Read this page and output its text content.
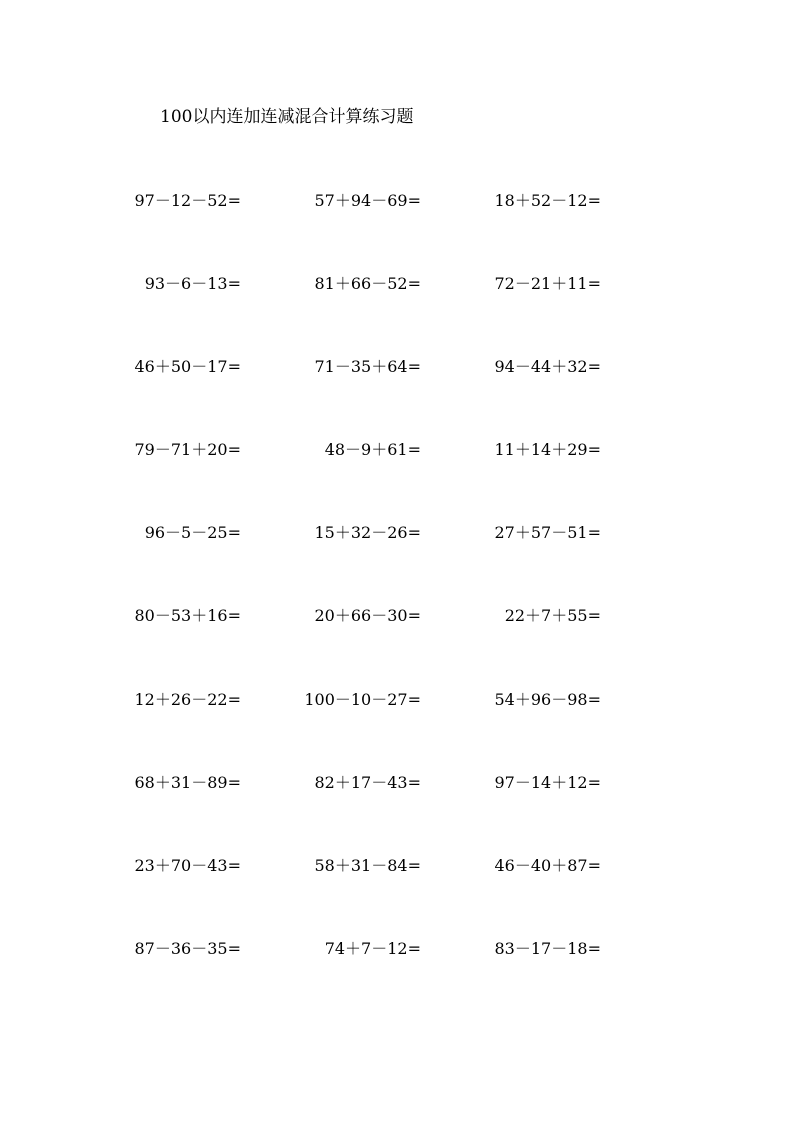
100以内连加连减混合计算练习题
97－12－52=	57＋94－69=	18＋52－12=
93－6－13=	81＋66－52=	72－21＋11=
46＋50－17=	71－35＋64=	94－44＋32=
79－71＋20=	48－9＋61=	11＋14＋29=
96－5－25=	15＋32－26=	27＋57－51=
80－53＋16=	20＋66－30=	22＋7＋55=
12＋26－22=	100－10－27=	54＋96－98=
68＋31－89=	82＋17－43=	97－14＋12=
23＋70－43=	58＋31－84=	46－40＋87=
87－36－35=	74＋7－12=	83－17－18=
